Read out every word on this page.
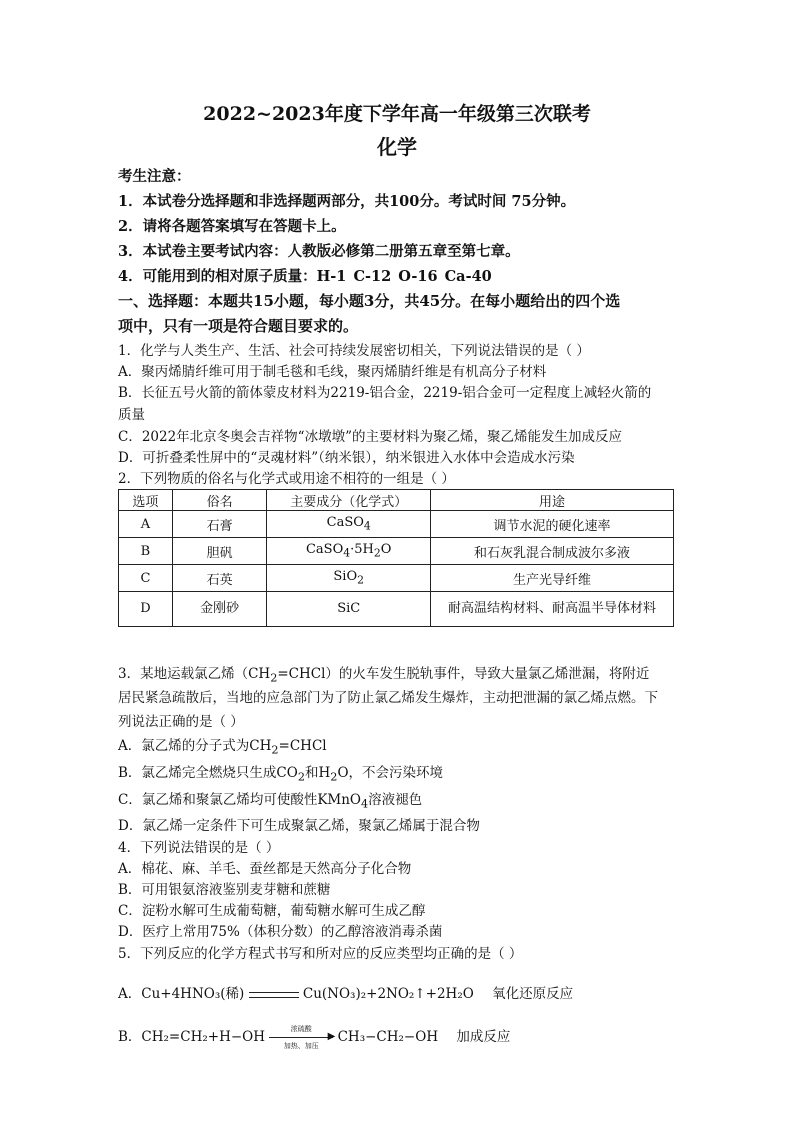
2022~2023年度下学年高一年级第三次联考
化学
考生注意：
1．本试卷分选择题和非选择题两部分，共100分。考试时间 75分钟。
2．请将各题答案填写在答题卡上。
3．本试卷主要考试内容：人教版必修第二册第五章至第七章。
4．可能用到的相对原子质量：H-1 C-12 O-16 Ca-40
一、选择题：本题共15小题，每小题3分，共45分。在每小题给出的四个选
项中，只有一项是符合题目要求的。
1．化学与人类生产、生活、社会可持续发展密切相关，下列说法错误的是（ ）
A．聚丙烯腈纤维可用于制毛毯和毛线，聚丙烯腈纤维是有机高分子材料
B．长征五号火箭的箭体蒙皮材料为2219-铝合金，2219-铝合金可一定程度上减轻火箭的
质量
C．2022年北京冬奥会吉祥物“冰墩墩”的主要材料为聚乙烯，聚乙烯能发生加成反应
D．可折叠柔性屏中的“灵魂材料”（纳米银），纳米银进入水体中会造成水污染
2．下列物质的俗名与化学式或用途不相符的一组是（ ）
选项	俗名	主要成分（化学式）	用途
A	石膏	CaSO$_4$	调节水泥的硬化速率
B	胆矾	$CaSO_4\cdot 5H_2O$	和石灰乳混合制成波尔多液
C	石英	SiO$_2$	生产光导纤维
D	金刚砂	SiC	耐高温结构材料、耐高温半导体材料
3．某地运载氯乙烯$(CH_2=CHCl)$的火车发生脱轨事件，导致大量氯乙烯泄漏，将附近
居民紧急疏散后，当地的应急部门为了防止氯乙烯发生爆炸，主动把泄漏的氯乙烯点燃。下
列说法正确的是（ ）
A．氯乙烯的分子式为$CH_2=CHCl$
B．氯乙烯完全燃烧只生成$CO_2$和$H_2O$，不会污染环境
C．氯乙烯和聚氯乙烯均可使酸性KMnO$_4$溶液褪色
D．氯乙烯一定条件下可生成聚氯乙烯，聚氯乙烯属于混合物
4．下列说法错误的是（ ）
A．棉花、麻、羊毛、蚕丝都是天然高分子化合物
B．可用银氨溶液鉴别麦芽糖和蔗糖
C．淀粉水解可生成葡萄糖，葡萄糖水解可生成乙醇
D．医疗上常用75%（体积分数）的乙醇溶液消毒杀菌
5．下列反应的化学方程式书写和所对应的反应类型均正确的是（ ）
A．Cu+4HNO₃(稀)	Cu(NO₃)₂+2NO₂↑+2H₂O 氧化还原反应
B．CH₂=CH₂+H−OH
浓硫酸
▶
加热、加压
CH₃−CH₂−OH 加成反应
